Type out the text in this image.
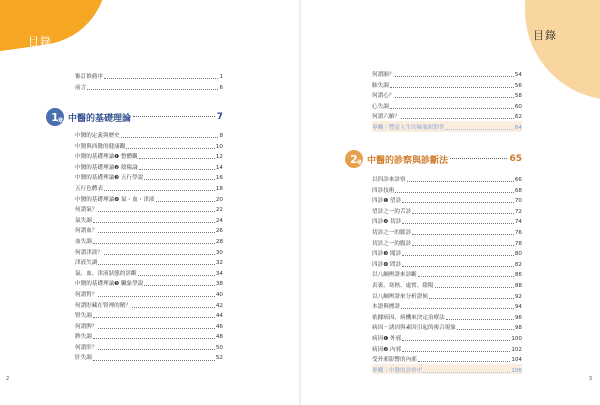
目錄
審訂推薦序	1
前言	6
1 章 中醫的基礎理論	7
中醫的定義與歷史	8
中醫與西醫的健康觀	10
中醫的基礎理論❶ 整體觀	12
中醫的基礎理論❷ 陰陽論	14
中醫的基礎理論❸ 五行學說	16
五行色體表	18
中醫的基礎理論❹ 氣・血・津液	20
何謂氣？	22
氣失調	24
何謂血？	26
血失調	28
何謂津液？	30
津液失調	32
氣、血、津液狀態的診斷	34
中醫的基礎理論❺ 臟象學說	38
何謂腎？	40
何謂貯藏在腎裡的精？	42
腎失調	44
何謂脾？	46
脾失調	48
何謂肝？	50
肝失調	52
2
目錄
何謂肺？	54
肺失調	56
何謂心？	58
心失調	60
何謂六腑？	62
專欄｜豐富人生的臉腸相對性	64
2 章 中醫的診察與診斷法	65
以四診來診察	66
四診技術	68
四診❶ 望診	70
望診之一的舌診	72
四診❷ 切診	74
切診之一的脈診	76
切診之一的腹診	78
四診❸ 聞診	80
四診❹ 問診	82
以八綱辨證來診斷	86
表裏、寒熱、虛實、陰陽	88
以八綱辨證來分析證候	92
本證與標證	94
依據病因、病機來決定治療法	96
病因－誘因與素因引起的複合現象	98
病因❶ 外邪	100
病因❷ 內邪	102
受外邪影響的內邪	104
專欄｜中醫的診察史	106
3
